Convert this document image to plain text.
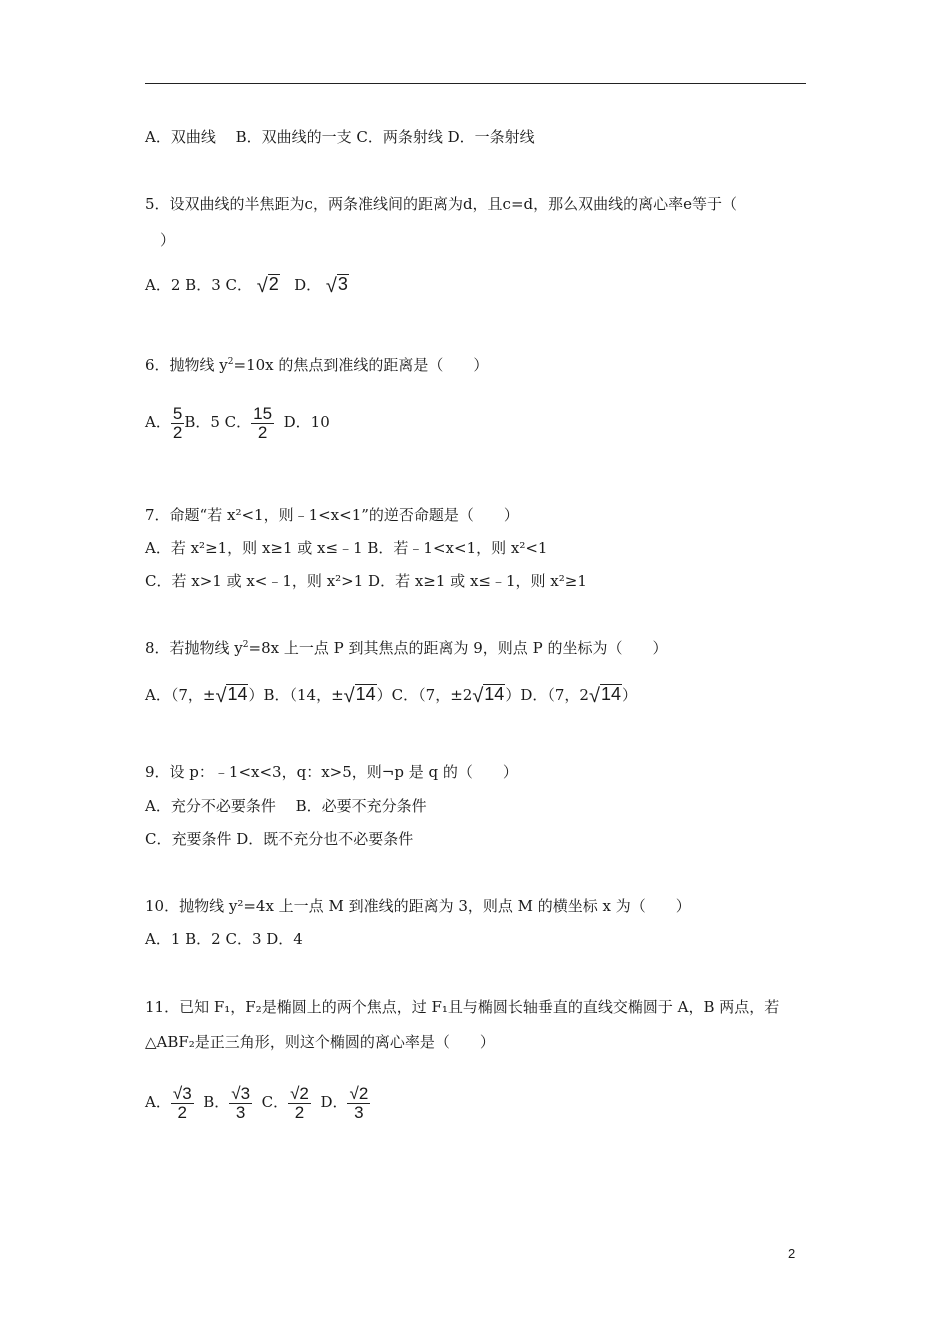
A．双曲线　 B．双曲线的一支 C．两条射线 D．一条射线
5．设双曲线的半焦距为c，两条准线间的距离为d，且c=d，那么双曲线的离心率e等于（
）
A．2 B．3 C． √2 D． √3
6．抛物线 $y^2=10x$ 的焦点到准线的距离是（　　）
A． $\frac{5}{2}$ B．5 C． $\frac{15}{2}$ D．10
7．命题“若 x²<1，则﹣1<x<1”的逆否命题是（　　）
A．若 x²≥1，则 x≥1 或 x≤﹣1 B．若﹣1<x<1，则 x²<1
C．若 x>1 或 x<﹣1，则 x²>1 D．若 x≥1 或 x≤﹣1，则 x²≥1
8．若抛物线 $y^2=8x$ 上一点 P 到其焦点的距离为 9，则点 P 的坐标为（　　）
A．（7，±√14）B．（14，±√14）C．（7，±2√14）D．（7，2√14）
9．设 p：﹣1<x<3，q：x>5，则¬p 是 q 的（　　）
A．充分不必要条件　 B．必要不充分条件
C．充要条件 D．既不充分也不必要条件
10．抛物线 y²=4x 上一点 M 到准线的距离为 3，则点 M 的横坐标 x 为（　　）
A．1 B．2 C．3 D．4
11．已知 F₁，F₂是椭圆上的两个焦点，过 F₁且与椭圆长轴垂直的直线交椭圆于 A，B 两点，若
△ABF₂是正三角形，则这个椭圆的离心率是（　　）
A． $\frac{√3}{2}$ B． $\frac{√3}{3}$ C． $\frac{√2}{2}$ D． $\frac{√2}{3}$
2
